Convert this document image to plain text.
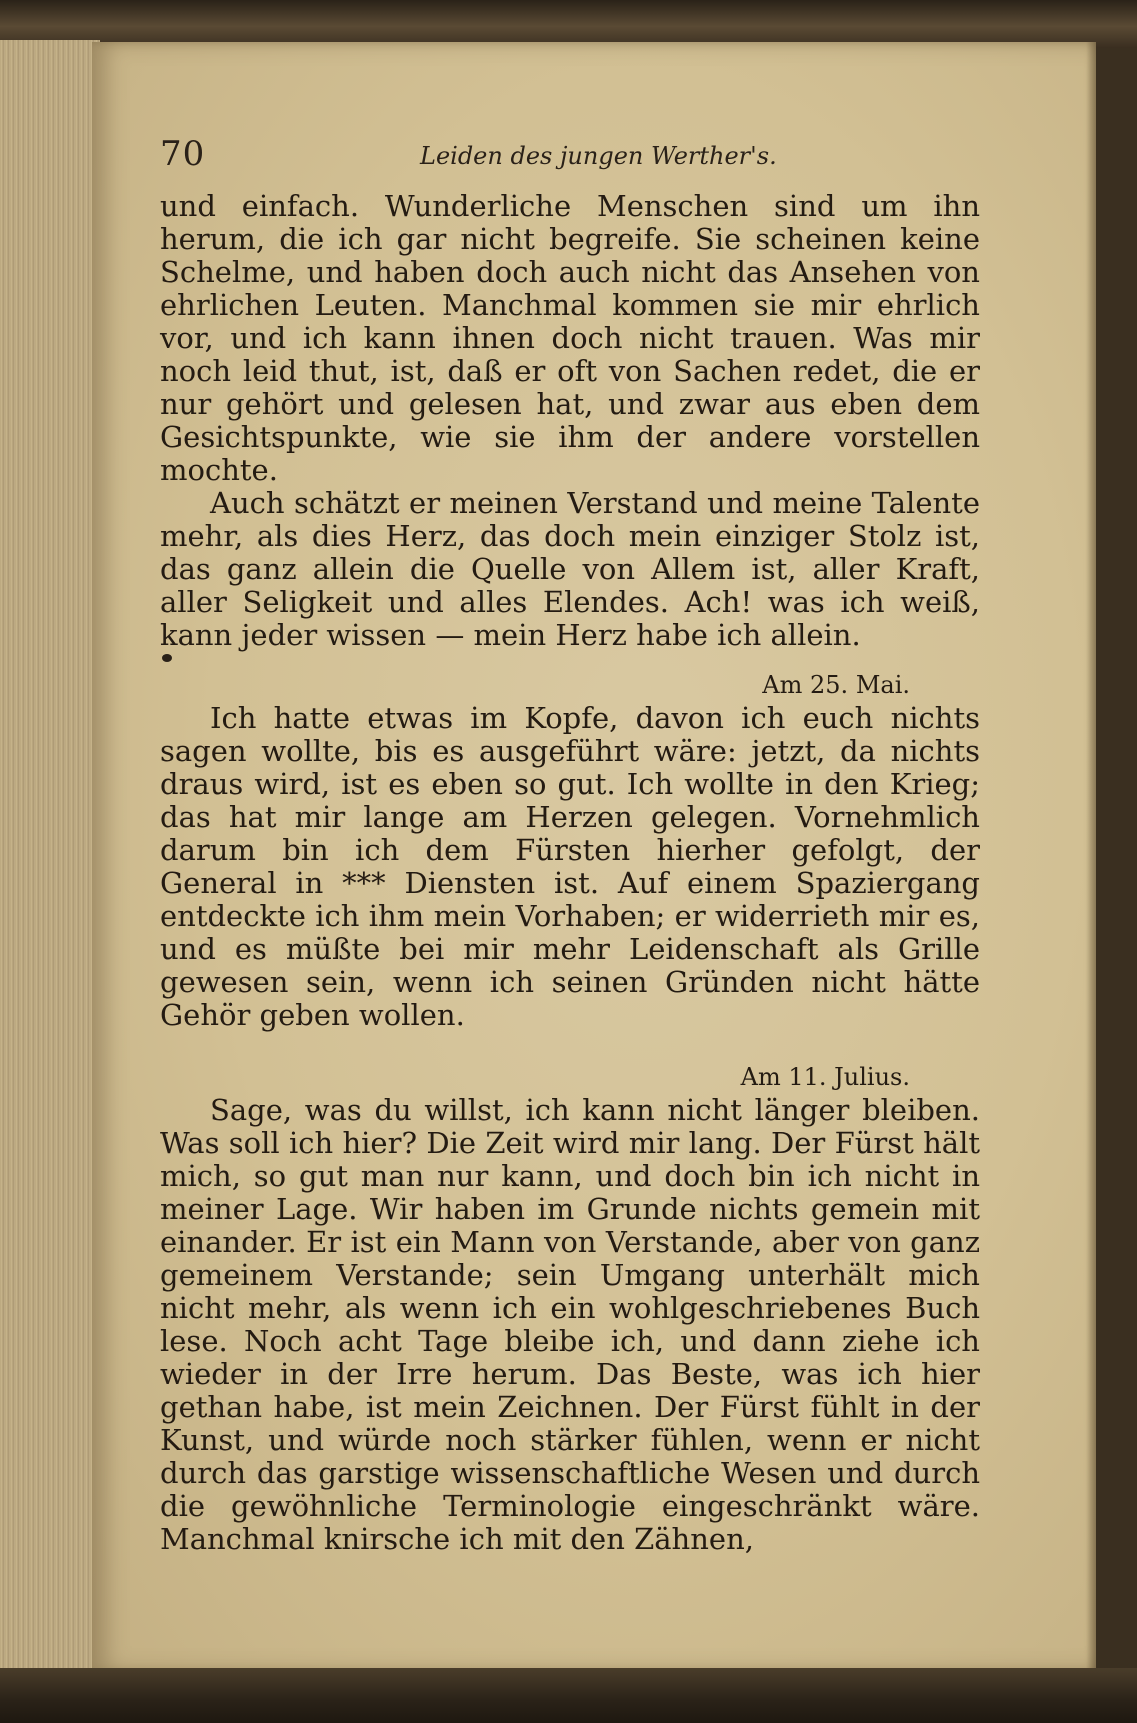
70	Leiden des jungen Werther's.

und einfach. Wunderliche Menschen sind um ihn herum, die ich gar nicht begreife. Sie scheinen keine Schelme, und haben doch auch nicht das Ansehen von ehrlichen Leuten. Manchmal kommen sie mir ehrlich vor, und ich kann ihnen doch nicht trauen. Was mir noch leid thut, ist, daß er oft von Sachen redet, die er nur gehört und gelesen hat, und zwar aus eben dem Gesichtspunkte, wie sie ihm der andere vorstellen mochte.

Auch schätzt er meinen Verstand und meine Talente mehr, als dies Herz, das doch mein einziger Stolz ist, das ganz allein die Quelle von Allem ist, aller Kraft, aller Seligkeit und alles Elendes. Ach! was ich weiß, kann jeder wissen — mein Herz habe ich allein.

Am 25. Mai.

Ich hatte etwas im Kopfe, davon ich euch nichts sagen wollte, bis es ausgeführt wäre: jetzt, da nichts draus wird, ist es eben so gut. Ich wollte in den Krieg; das hat mir lange am Herzen gelegen. Vornehmlich darum bin ich dem Fürsten hierher gefolgt, der General in *** Diensten ist. Auf einem Spaziergang entdeckte ich ihm mein Vorhaben; er widerrieth mir es, und es müßte bei mir mehr Leidenschaft als Grille gewesen sein, wenn ich seinen Gründen nicht hätte Gehör geben wollen.

Am 11. Julius.

Sage, was du willst, ich kann nicht länger bleiben. Was soll ich hier? Die Zeit wird mir lang. Der Fürst hält mich, so gut man nur kann, und doch bin ich nicht in meiner Lage. Wir haben im Grunde nichts gemein mit einander. Er ist ein Mann von Verstande, aber von ganz gemeinem Verstande; sein Umgang unterhält mich nicht mehr, als wenn ich ein wohlgeschriebenes Buch lese. Noch acht Tage bleibe ich, und dann ziehe ich wieder in der Irre herum. Das Beste, was ich hier gethan habe, ist mein Zeichnen. Der Fürst fühlt in der Kunst, und würde noch stärker fühlen, wenn er nicht durch das garstige wissenschaftliche Wesen und durch die gewöhnliche Terminologie eingeschränkt wäre. Manchmal knirsche ich mit den Zähnen,
